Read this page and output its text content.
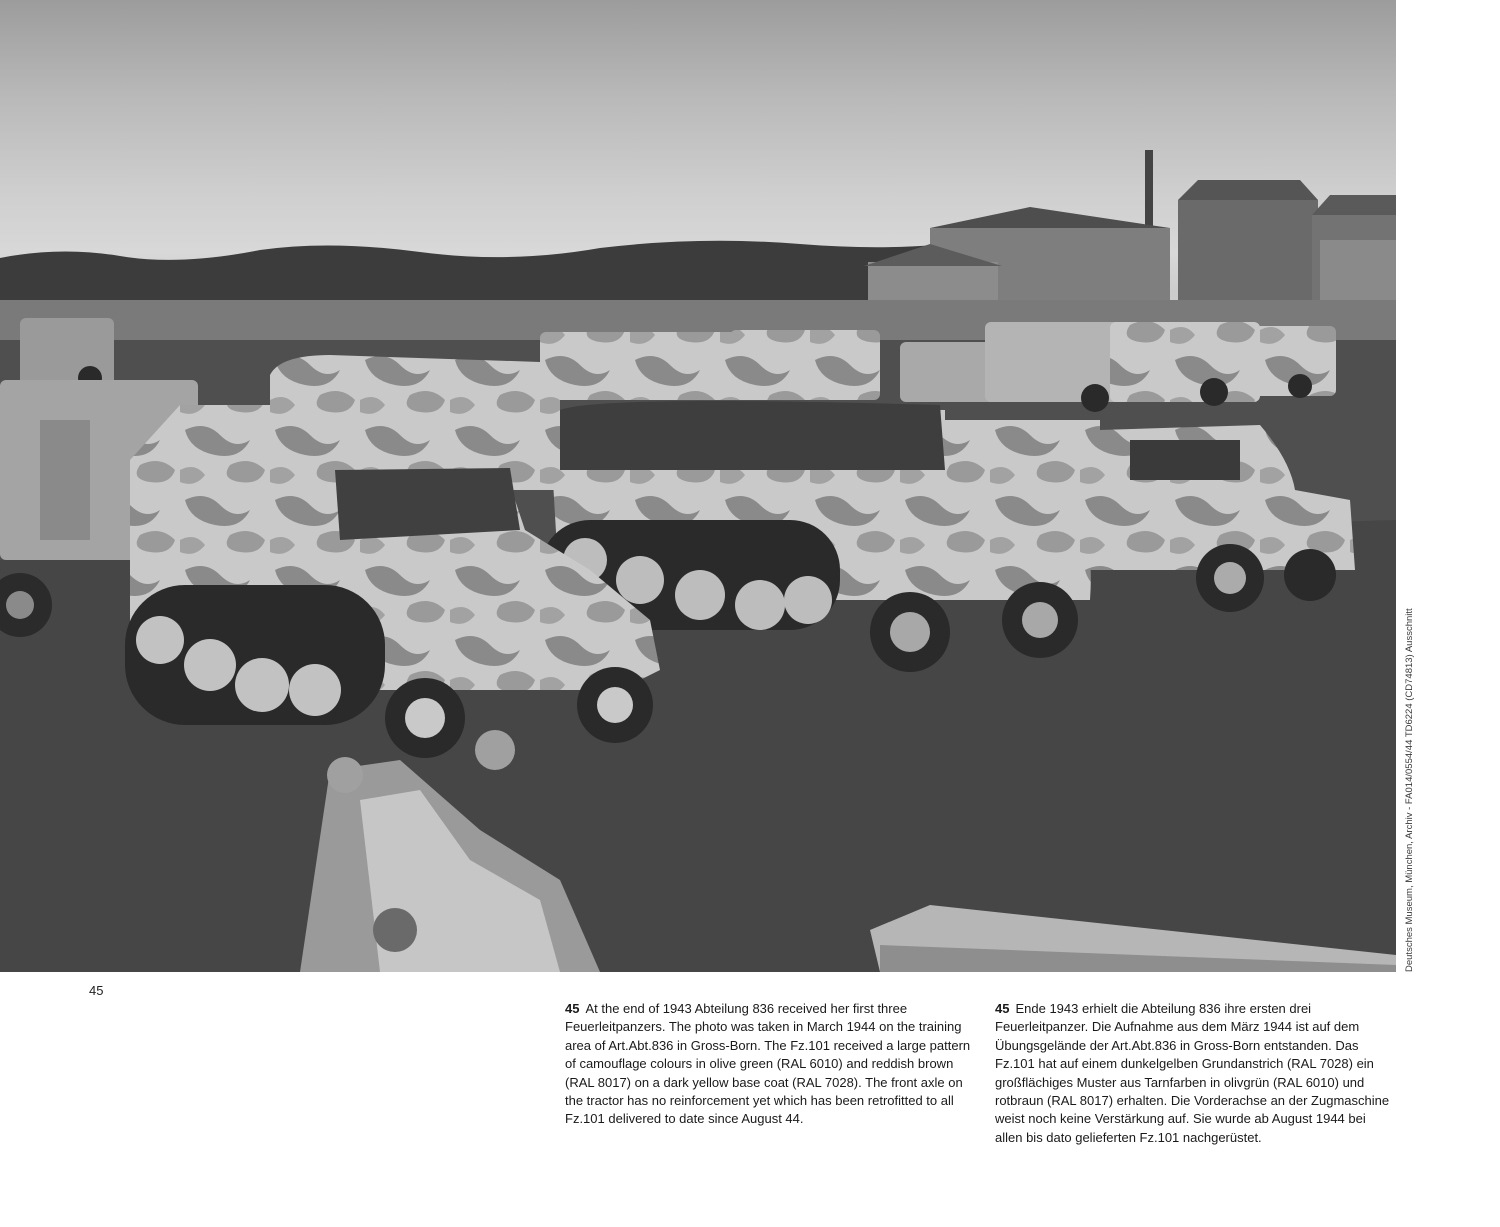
Deutsches Museum, München, Archiv - FA014/0554/44 TD6224 (CD74813) Ausschnitt
45
45 At the end of 1943 Abteilung 836 received her first three Feuerleitpanzers. The photo was taken in March 1944 on the training area of Art.Abt.836 in Gross-Born. The Fz.101 received a large pattern of camouflage colours in olive green (RAL 6010) and reddish brown (RAL 8017) on a dark yellow base coat (RAL 7028). The front axle on the tractor has no reinforcement yet which has been retrofitted to all Fz.101 delivered to date since August 44.
45 Ende 1943 erhielt die Abteilung 836 ihre ersten drei Feuerleitpanzer. Die Aufnahme aus dem März 1944 ist auf dem Übungsgelände der Art.Abt.836 in Gross-Born entstanden. Das Fz.101 hat auf einem dunkelgelben Grundanstrich (RAL 7028) ein großflächiges Muster aus Tarnfarben in olivgrün (RAL 6010) und rotbraun (RAL 8017) erhalten. Die Vorderachse an der Zugmaschine weist noch keine Verstärkung auf. Sie wurde ab August 1944 bei allen bis dato gelieferten Fz.101 nachgerüstet.
